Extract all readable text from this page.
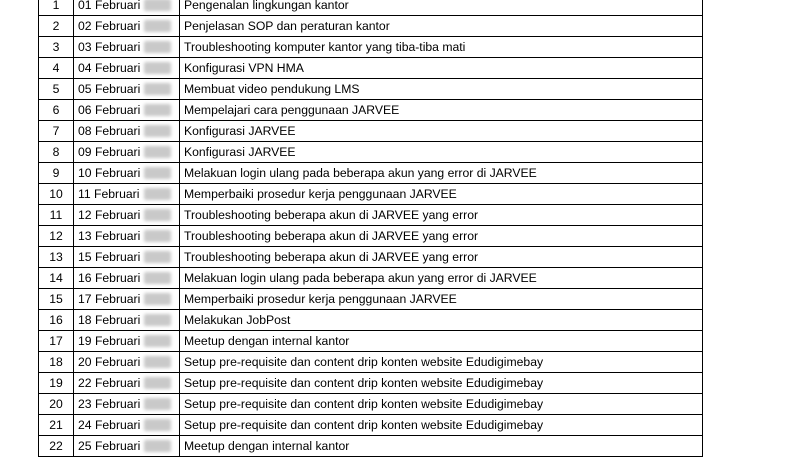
1	01 Februari	Pengenalan lingkungan kantor
2	02 Februari	Penjelasan SOP dan peraturan kantor
3	03 Februari	Troubleshooting komputer kantor yang tiba-tiba mati
4	04 Februari	Konfigurasi VPN HMA
5	05 Februari	Membuat video pendukung LMS
6	06 Februari	Mempelajari cara penggunaan JARVEE
7	08 Februari	Konfigurasi JARVEE
8	09 Februari	Konfigurasi JARVEE
9	10 Februari	Melakuan login ulang pada beberapa akun yang error di JARVEE
10	11 Februari	Memperbaiki prosedur kerja penggunaan JARVEE
11	12 Februari	Troubleshooting beberapa akun di JARVEE yang error
12	13 Februari	Troubleshooting beberapa akun di JARVEE yang error
13	15 Februari	Troubleshooting beberapa akun di JARVEE yang error
14	16 Februari	Melakuan login ulang pada beberapa akun yang error di JARVEE
15	17 Februari	Memperbaiki prosedur kerja penggunaan JARVEE
16	18 Februari	Melakukan JobPost
17	19 Februari	Meetup dengan internal kantor
18	20 Februari	Setup pre-requisite dan content drip konten website Edudigimebay
19	22 Februari	Setup pre-requisite dan content drip konten website Edudigimebay
20	23 Februari	Setup pre-requisite dan content drip konten website Edudigimebay
21	24 Februari	Setup pre-requisite dan content drip konten website Edudigimebay
22	25 Februari	Meetup dengan internal kantor
